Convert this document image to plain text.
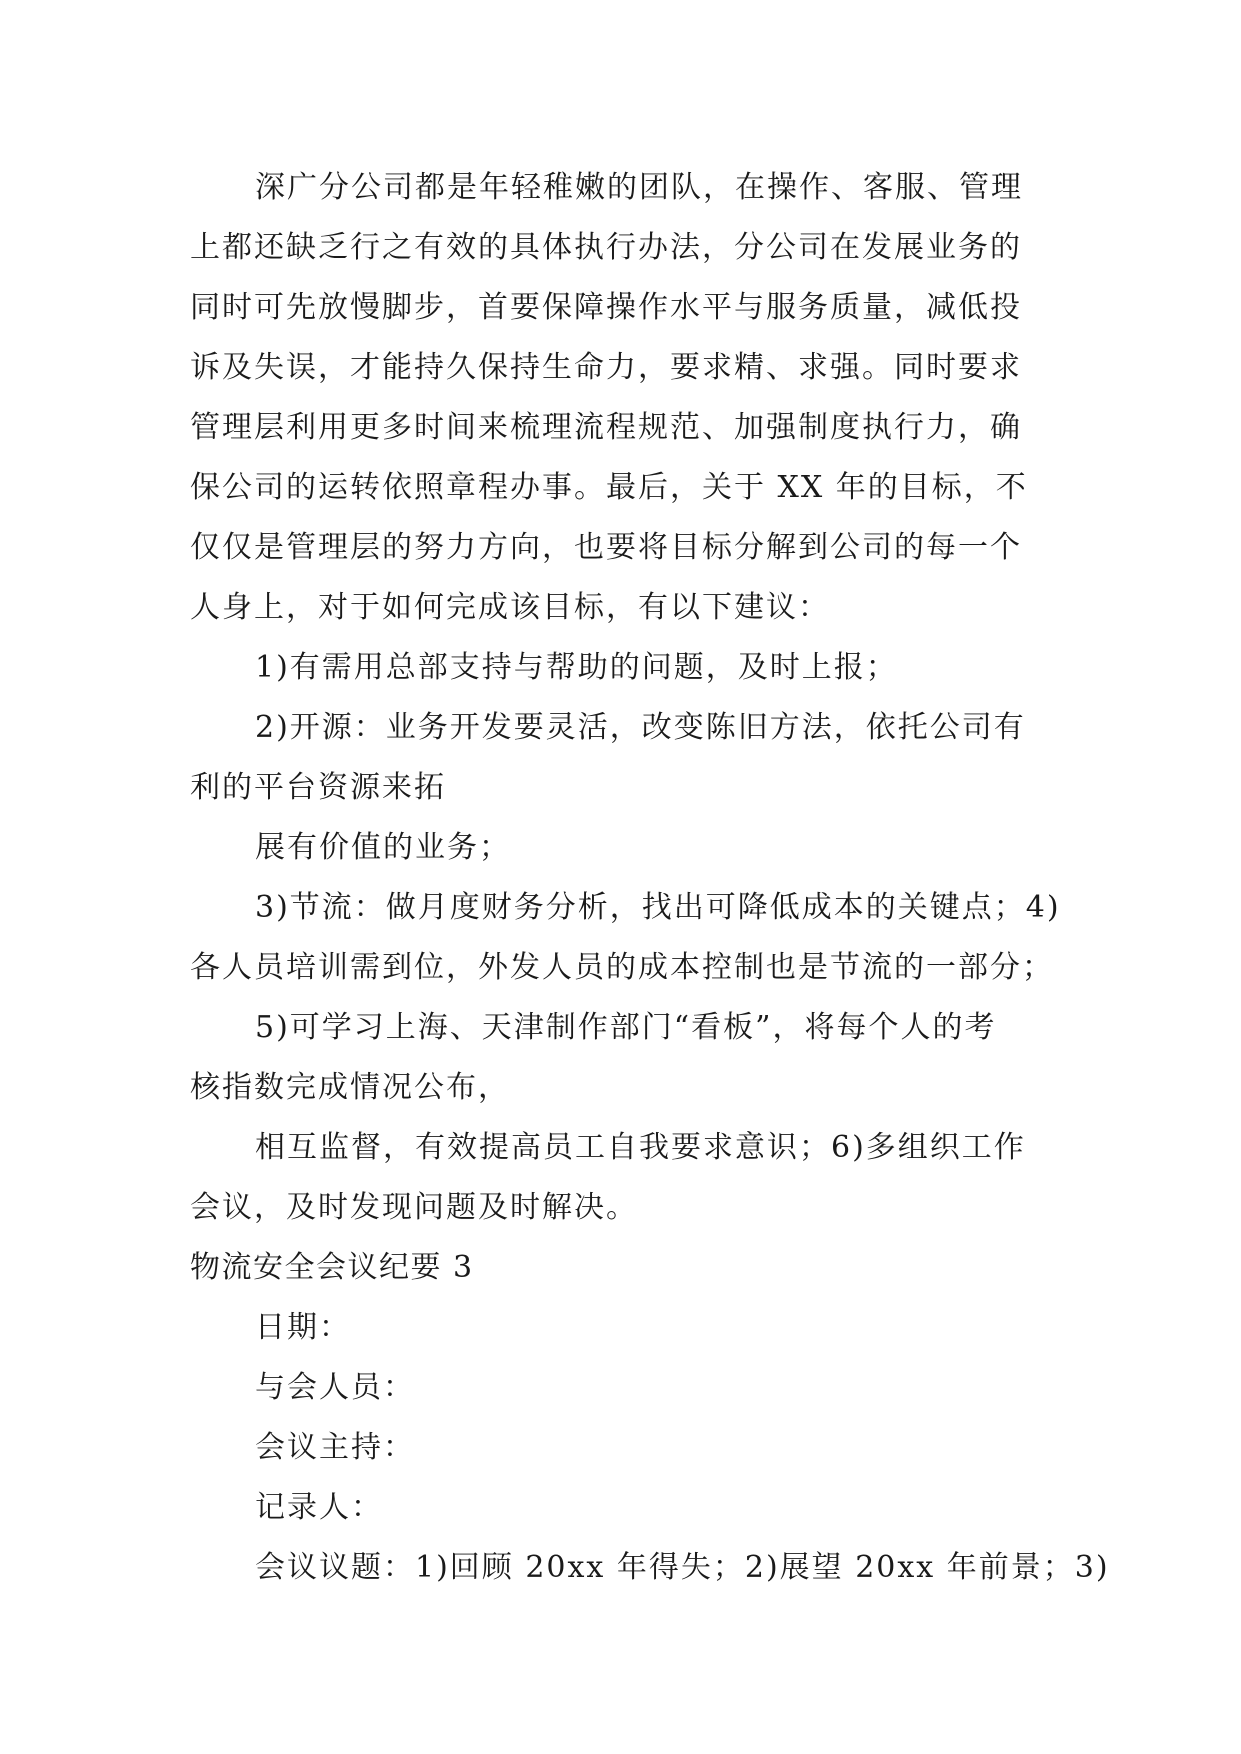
深广分公司都是年轻稚嫩的团队，在操作、客服、管理
上都还缺乏行之有效的具体执行办法，分公司在发展业务的
同时可先放慢脚步，首要保障操作水平与服务质量，减低投
诉及失误，才能持久保持生命力，要求精、求强。同时要求
管理层利用更多时间来梳理流程规范、加强制度执行力，确
保公司的运转依照章程办事。最后，关于 XX 年的目标，不
仅仅是管理层的努力方向，也要将目标分解到公司的每一个
人身上，对于如何完成该目标，有以下建议：
1)有需用总部支持与帮助的问题，及时上报；
2)开源：业务开发要灵活，改变陈旧方法，依托公司有
利的平台资源来拓
展有价值的业务；
3)节流：做月度财务分析，找出可降低成本的关键点；4)
各人员培训需到位，外发人员的成本控制也是节流的一部分；
5)可学习上海、天津制作部门“看板”，将每个人的考
核指数完成情况公布，
相互监督，有效提高员工自我要求意识；6)多组织工作
会议，及时发现问题及时解决。
物流安全会议纪要 3
日期：
与会人员：
会议主持：
记录人：
会议议题：1)回顾 20xx 年得失；2)展望 20xx 年前景；3)
